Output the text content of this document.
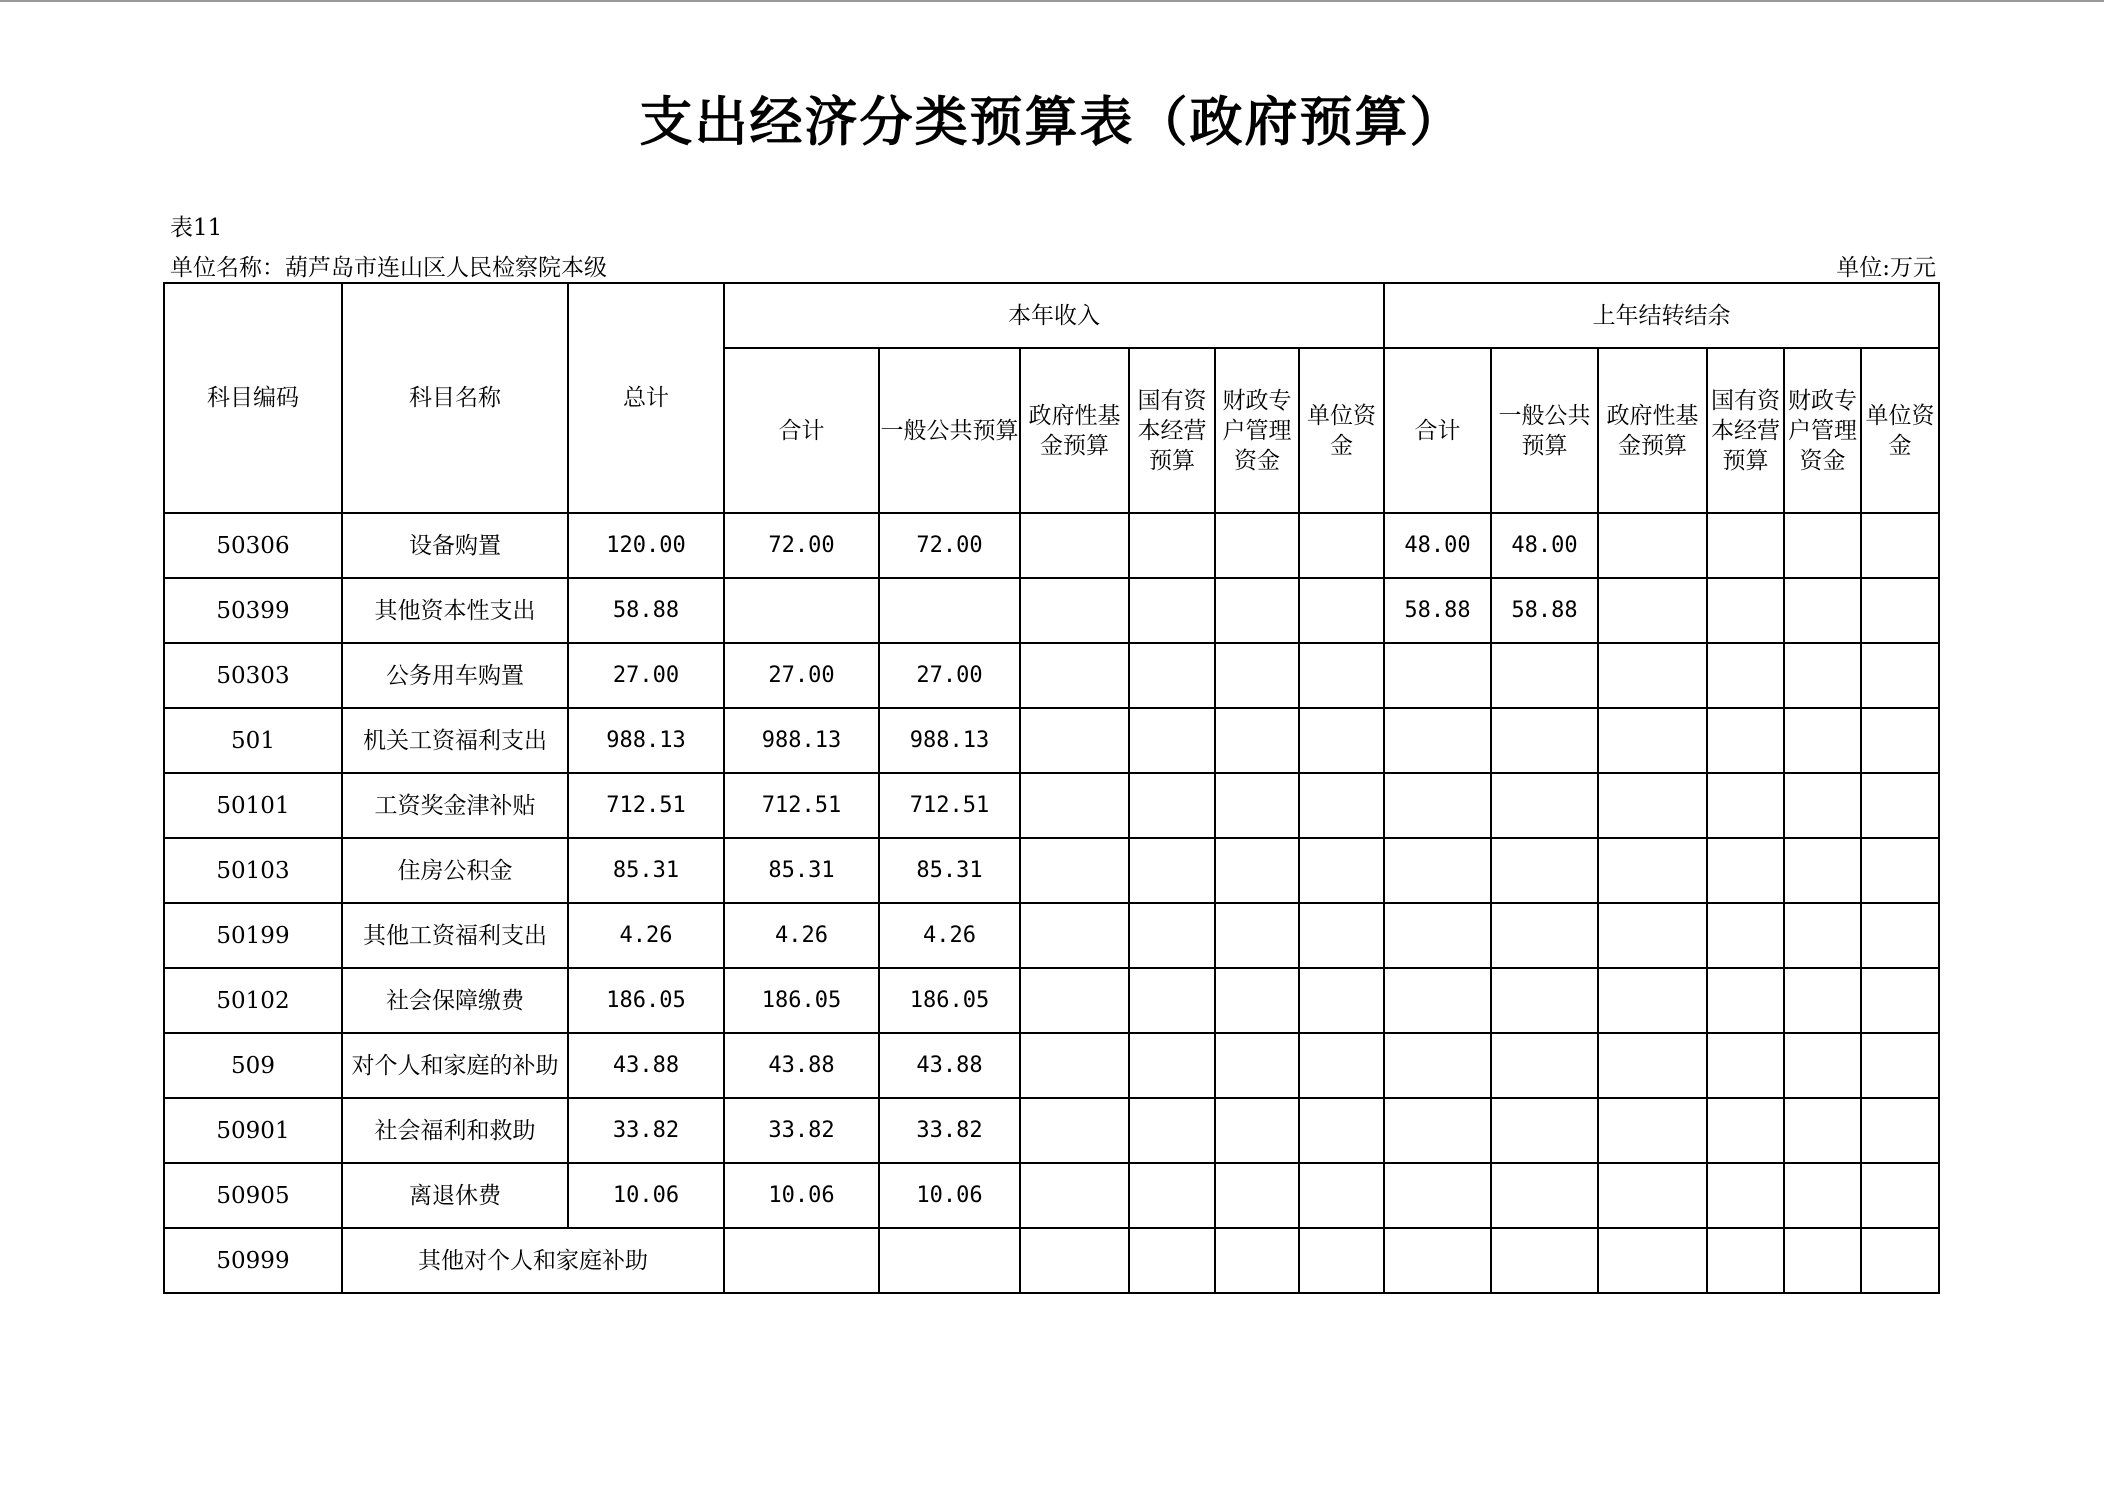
支出经济分类预算表（政府预算）
表11
单位名称：葫芦岛市连山区人民检察院本级	单位:万元
科目编码	科目名称	总计	本年收入						上年结转结余					
			合计	一般公共预算	政府性基金预算	国有资本经营预算	财政专户管理资金	单位资金	合计	一般公共预算	政府性基金预算	国有资本经营预算	财政专户管理资金	单位资金
50306	设备购置	120.00	72.00	72.00					48.00	48.00				
50399	其他资本性支出	58.88							58.88	58.88				
50303	公务用车购置	27.00	27.00	27.00										
501	机关工资福利支出	988.13	988.13	988.13										
50101	工资奖金津补贴	712.51	712.51	712.51										
50103	住房公积金	85.31	85.31	85.31										
50199	其他工资福利支出	4.26	4.26	4.26										
50102	社会保障缴费	186.05	186.05	186.05										
509	对个人和家庭的补助	43.88	43.88	43.88										
50901	社会福利和救助	33.82	33.82	33.82										
50905	离退休费	10.06	10.06	10.06										
50999	其他对个人和家庭补助													
